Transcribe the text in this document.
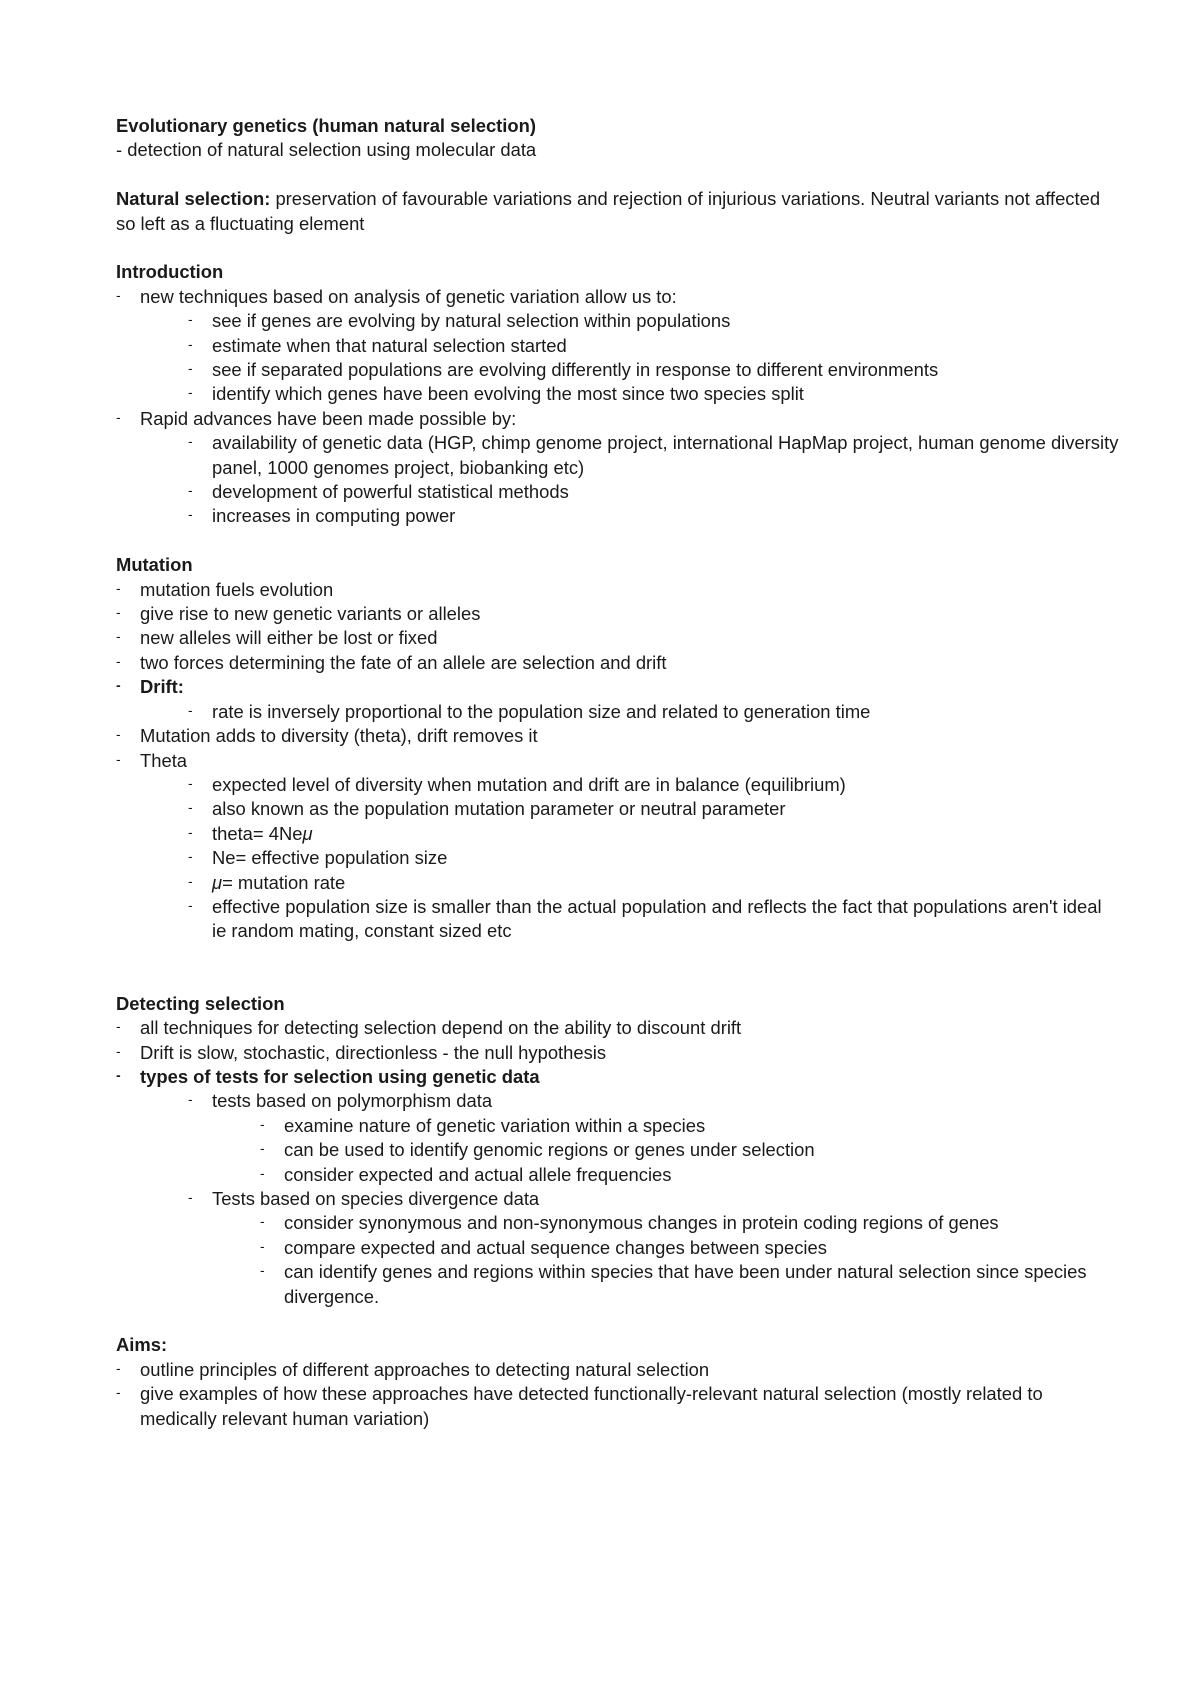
Evolutionary genetics (human natural selection)

- detection of natural selection using molecular data

Natural selection: preservation of favourable variations and rejection of injurious variations. Neutral variants not affected so left as a fluctuating element

Introduction

- new techniques based on analysis of genetic variation allow us to:
- see if genes are evolving by natural selection within populations
- estimate when that natural selection started
- see if separated populations are evolving differently in response to different environments
- identify which genes have been evolving the most since two species split
- Rapid advances have been made possible by:
- availability of genetic data (HGP, chimp genome project, international HapMap project, human genome diversity panel, 1000 genomes project, biobanking etc)
- development of powerful statistical methods
- increases in computing power

Mutation

- mutation fuels evolution
- give rise to new genetic variants or alleles
- new alleles will either be lost or fixed
- two forces determining the fate of an allele are selection and drift
- Drift:
- rate is inversely proportional to the population size and related to generation time
- Mutation adds to diversity (theta), drift removes it
- Theta
- expected level of diversity when mutation and drift are in balance (equilibrium)
- also known as the population mutation parameter or neutral parameter
- theta= 4Neμ
- Ne= effective population size
- μ= mutation rate
- effective population size is smaller than the actual population and reflects the fact that populations aren't ideal ie random mating, constant sized etc

Detecting selection

- all techniques for detecting selection depend on the ability to discount drift
- Drift is slow, stochastic, directionless - the null hypothesis
- types of tests for selection using genetic data
- tests based on polymorphism data
- examine nature of genetic variation within a species
- can be used to identify genomic regions or genes under selection
- consider expected and actual allele frequencies
- Tests based on species divergence data
- consider synonymous and non-synonymous changes in protein coding regions of genes
- compare expected and actual sequence changes between species
- can identify genes and regions within species that have been under natural selection since species divergence.

Aims:

- outline principles of different approaches to detecting natural selection
- give examples of how these approaches have detected functionally-relevant natural selection (mostly related to medically relevant human variation)
